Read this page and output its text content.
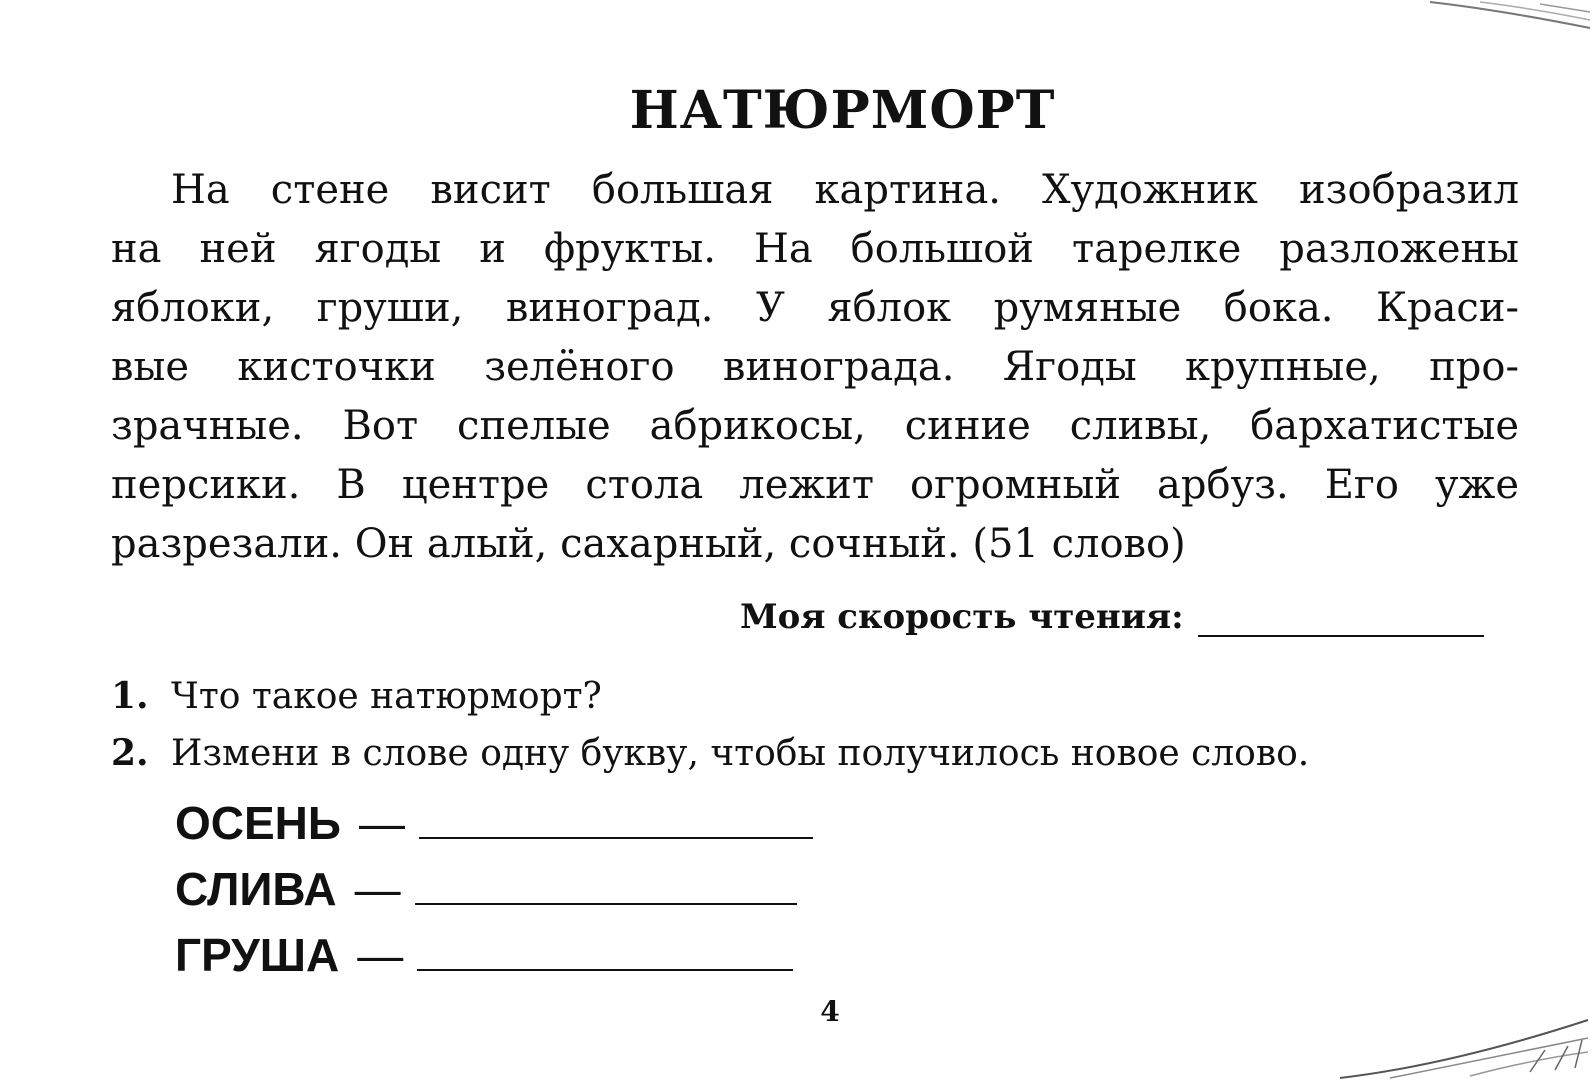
НАТЮРМОРТ
На стене висит большая картина. Художник изобразил
на ней ягоды и фрукты. На большой тарелке разложены
яблоки, груши, виноград. У яблок румяные бока. Краси-
вые кисточки зелёного винограда. Ягоды крупные, про-
зрачные. Вот спелые абрикосы, синие сливы, бархатистые
персики. В центре стола лежит огромный арбуз. Его уже
разрезали. Он алый, сахарный, сочный. (51 слово)
Моя скорость чтения:
1. Что такое натюрморт?
2. Измени в слове одну букву, чтобы получилось новое слово.
ОСЕНЬ —
СЛИВА —
ГРУША —
4
